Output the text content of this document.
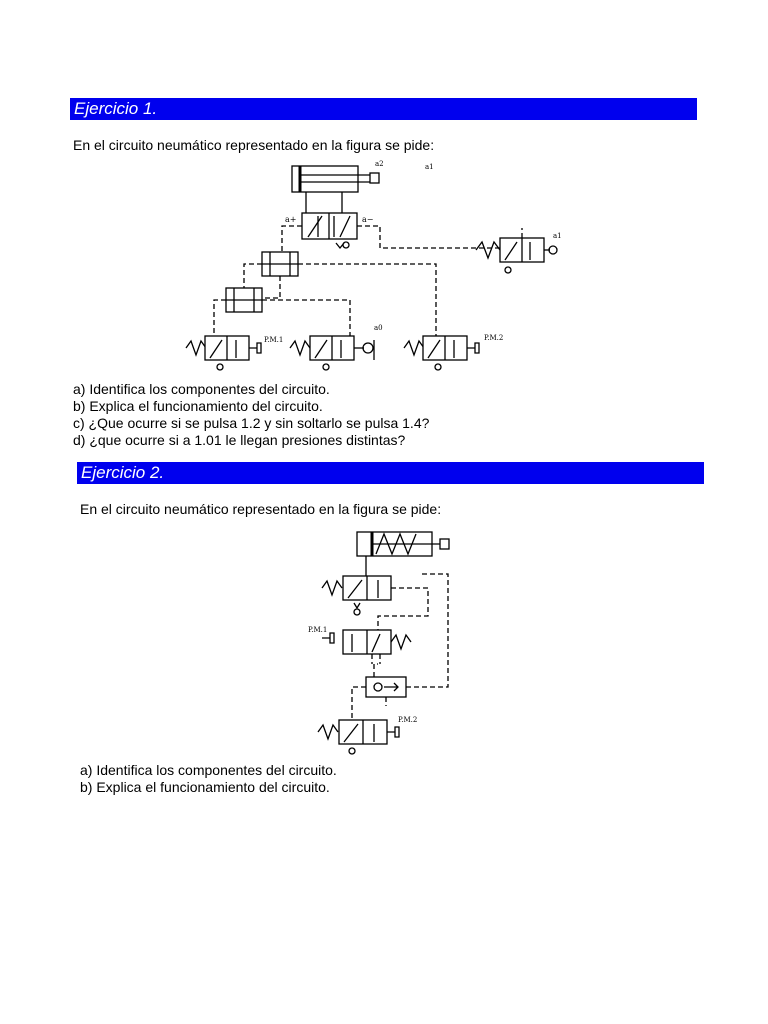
Ejercicio 1.
En el circuito neumático representado en la figura se pide:
a2	a1
a+	a−
a1
a0
P.M.1	P.M.2
a) Identifica los componentes del circuito.
b) Explica el funcionamiento del circuito.
c) ¿Que ocurre si se pulsa 1.2 y sin soltarlo se pulsa 1.4?
d) ¿que ocurre si a 1.01 le llegan presiones distintas?
Ejercicio 2.
En el circuito neumático representado en la figura se pide:
P.M.1
P.M.2
a) Identifica los componentes del circuito.
b) Explica el funcionamiento del circuito.
